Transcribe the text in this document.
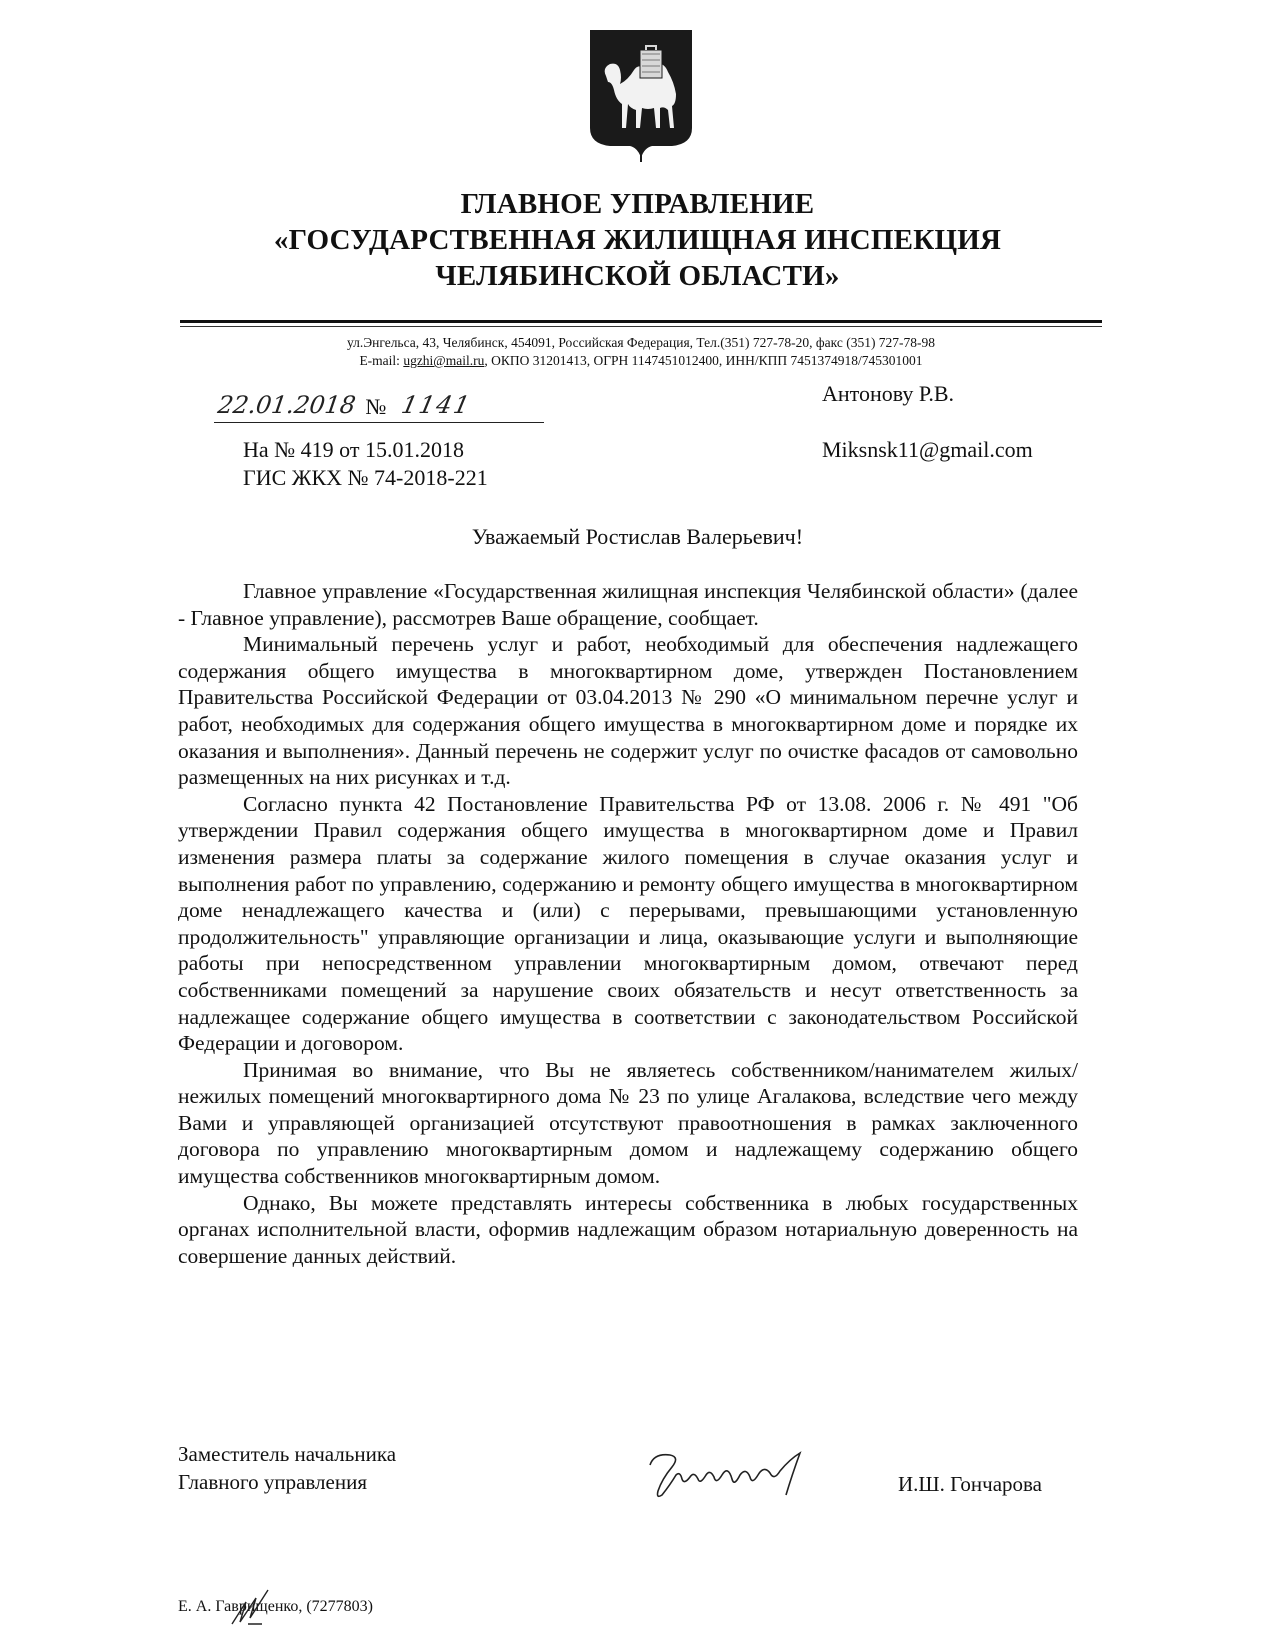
ГЛАВНОЕ УПРАВЛЕНИЕ
«ГОСУДАРСТВЕННАЯ ЖИЛИЩНАЯ ИНСПЕКЦИЯ
ЧЕЛЯБИНСКОЙ ОБЛАСТИ»
ул.Энгельса, 43, Челябинск, 454091, Российская Федерация, Тел.(351) 727-78-20, факс (351) 727-78-98
E-mail: ugzhi@mail.ru, ОКПО 31201413, ОГРН 1147451012400, ИНН/КПП 7451374918/745301001
22.01.2018 № 1141
На № 419 от 15.01.2018
ГИС ЖКХ № 74-2018-221
Антонову Р.В.
Miksnsk11@gmail.com
Уважаемый Ростислав Валерьевич!

Главное управление «Государственная жилищная инспекция Челябинской области» (далее - Главное управление), рассмотрев Ваше обращение, сообщает.

Минимальный перечень услуг и работ, необходимый для обеспечения надлежащего содержания общего имущества в многоквартирном доме, утвержден Постановлением Правительства Российской Федерации от 03.04.2013 № 290 «О минимальном перечне услуг и работ, необходимых для содержания общего имущества в многоквартирном доме и порядке их оказания и выполнения». Данный перечень не содержит услуг по очистке фасадов от самовольно размещенных на них рисунках и т.д.

Согласно пункта 42 Постановление Правительства РФ от 13.08. 2006 г. № 491 "Об утверждении Правил содержания общего имущества в многоквартирном доме и Правил изменения размера платы за содержание жилого помещения в случае оказания услуг и выполнения работ по управлению, содержанию и ремонту общего имущества в многоквартирном доме ненадлежащего качества и (или) с перерывами, превышающими установленную продолжительность" управляющие организации и лица, оказывающие услуги и выполняющие работы при непосредственном управлении многоквартирным домом, отвечают перед собственниками помещений за нарушение своих обязательств и несут ответственность за надлежащее содержание общего имущества в соответствии с законодательством Российской Федерации и договором.

Принимая во внимание, что Вы не являетесь собственником/нанимателем жилых/нежилых помещений многоквартирного дома № 23 по улице Агалакова, вследствие чего между Вами и управляющей организацией отсутствуют правоотношения в рамках заключенного договора по управлению многоквартирным домом и надлежащему содержанию общего имущества собственников многоквартирным домом.

Однако, Вы можете представлять интересы собственника в любых государственных органах исполнительной власти, оформив надлежащим образом нотариальную доверенность на совершение данных действий.

Заместитель начальника
Главного управления	И.Ш. Гончарова
Е. А. Гаврищенко, (7277803)
